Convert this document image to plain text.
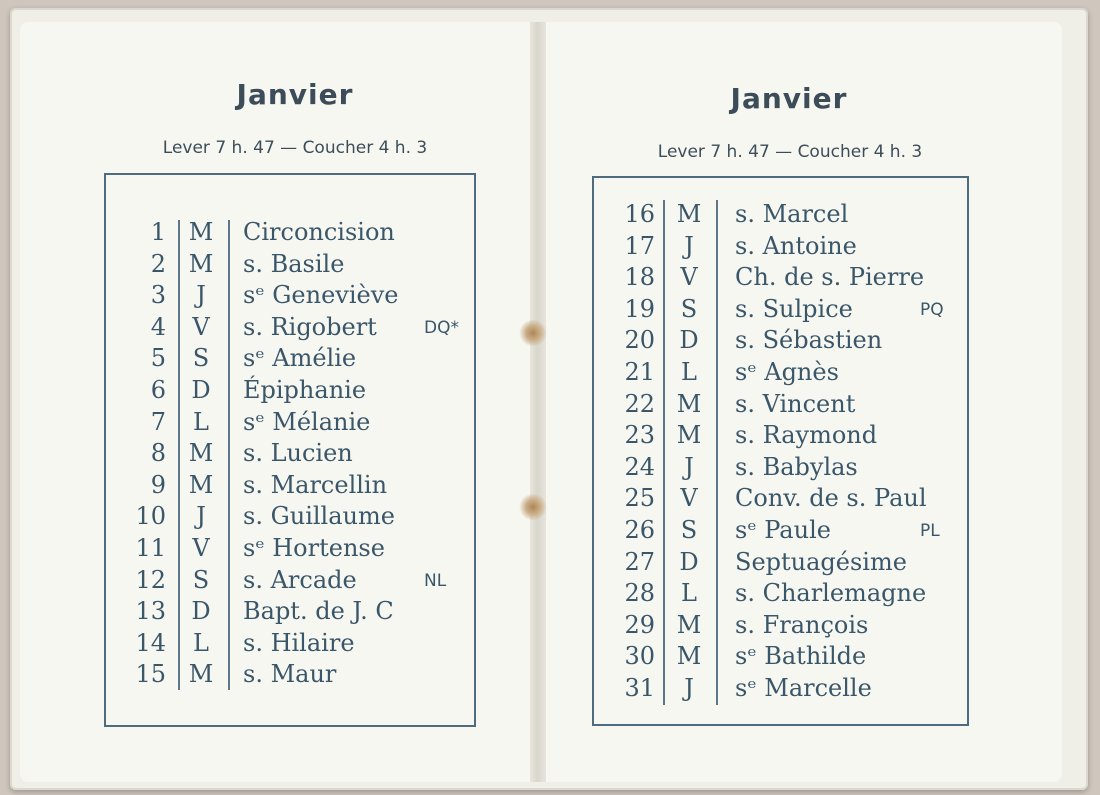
Janvier
Lever 7 h. 47 — Coucher 4 h. 3
Janvier
Lever 7 h. 47 — Coucher 4 h. 3
1 M Circoncision
2 M s. Basile
3	J	sᵉ Geneviève
4	V	s. Rigobert	DQ*
5	S	sᵉ Amélie
6	D	Épiphanie
7	L	sᵉ Mélanie
8 M s. Lucien
9 M s. Marcellin
10	J	s. Guillaume
11	V	sᵉ Hortense
12	S	s. Arcade	NL
13	D	Bapt. de J. C
14	L	s. Hilaire
15 M s. Maur
16 M s. Marcel
17	J	s. Antoine
18	V	Ch. de s. Pierre
19	S	s. Sulpice	PQ
20	D	s. Sébastien
21	L	sᵉ Agnès
22 M s. Vincent
23 M s. Raymond
24	J	s. Babylas
25	V	Conv. de s. Paul
26	S	sᵉ Paule	PL
27	D	Septuagésime
28	L	s. Charlemagne
29 M s. François
30 M sᵉ Bathilde
31	J	sᵉ Marcelle
